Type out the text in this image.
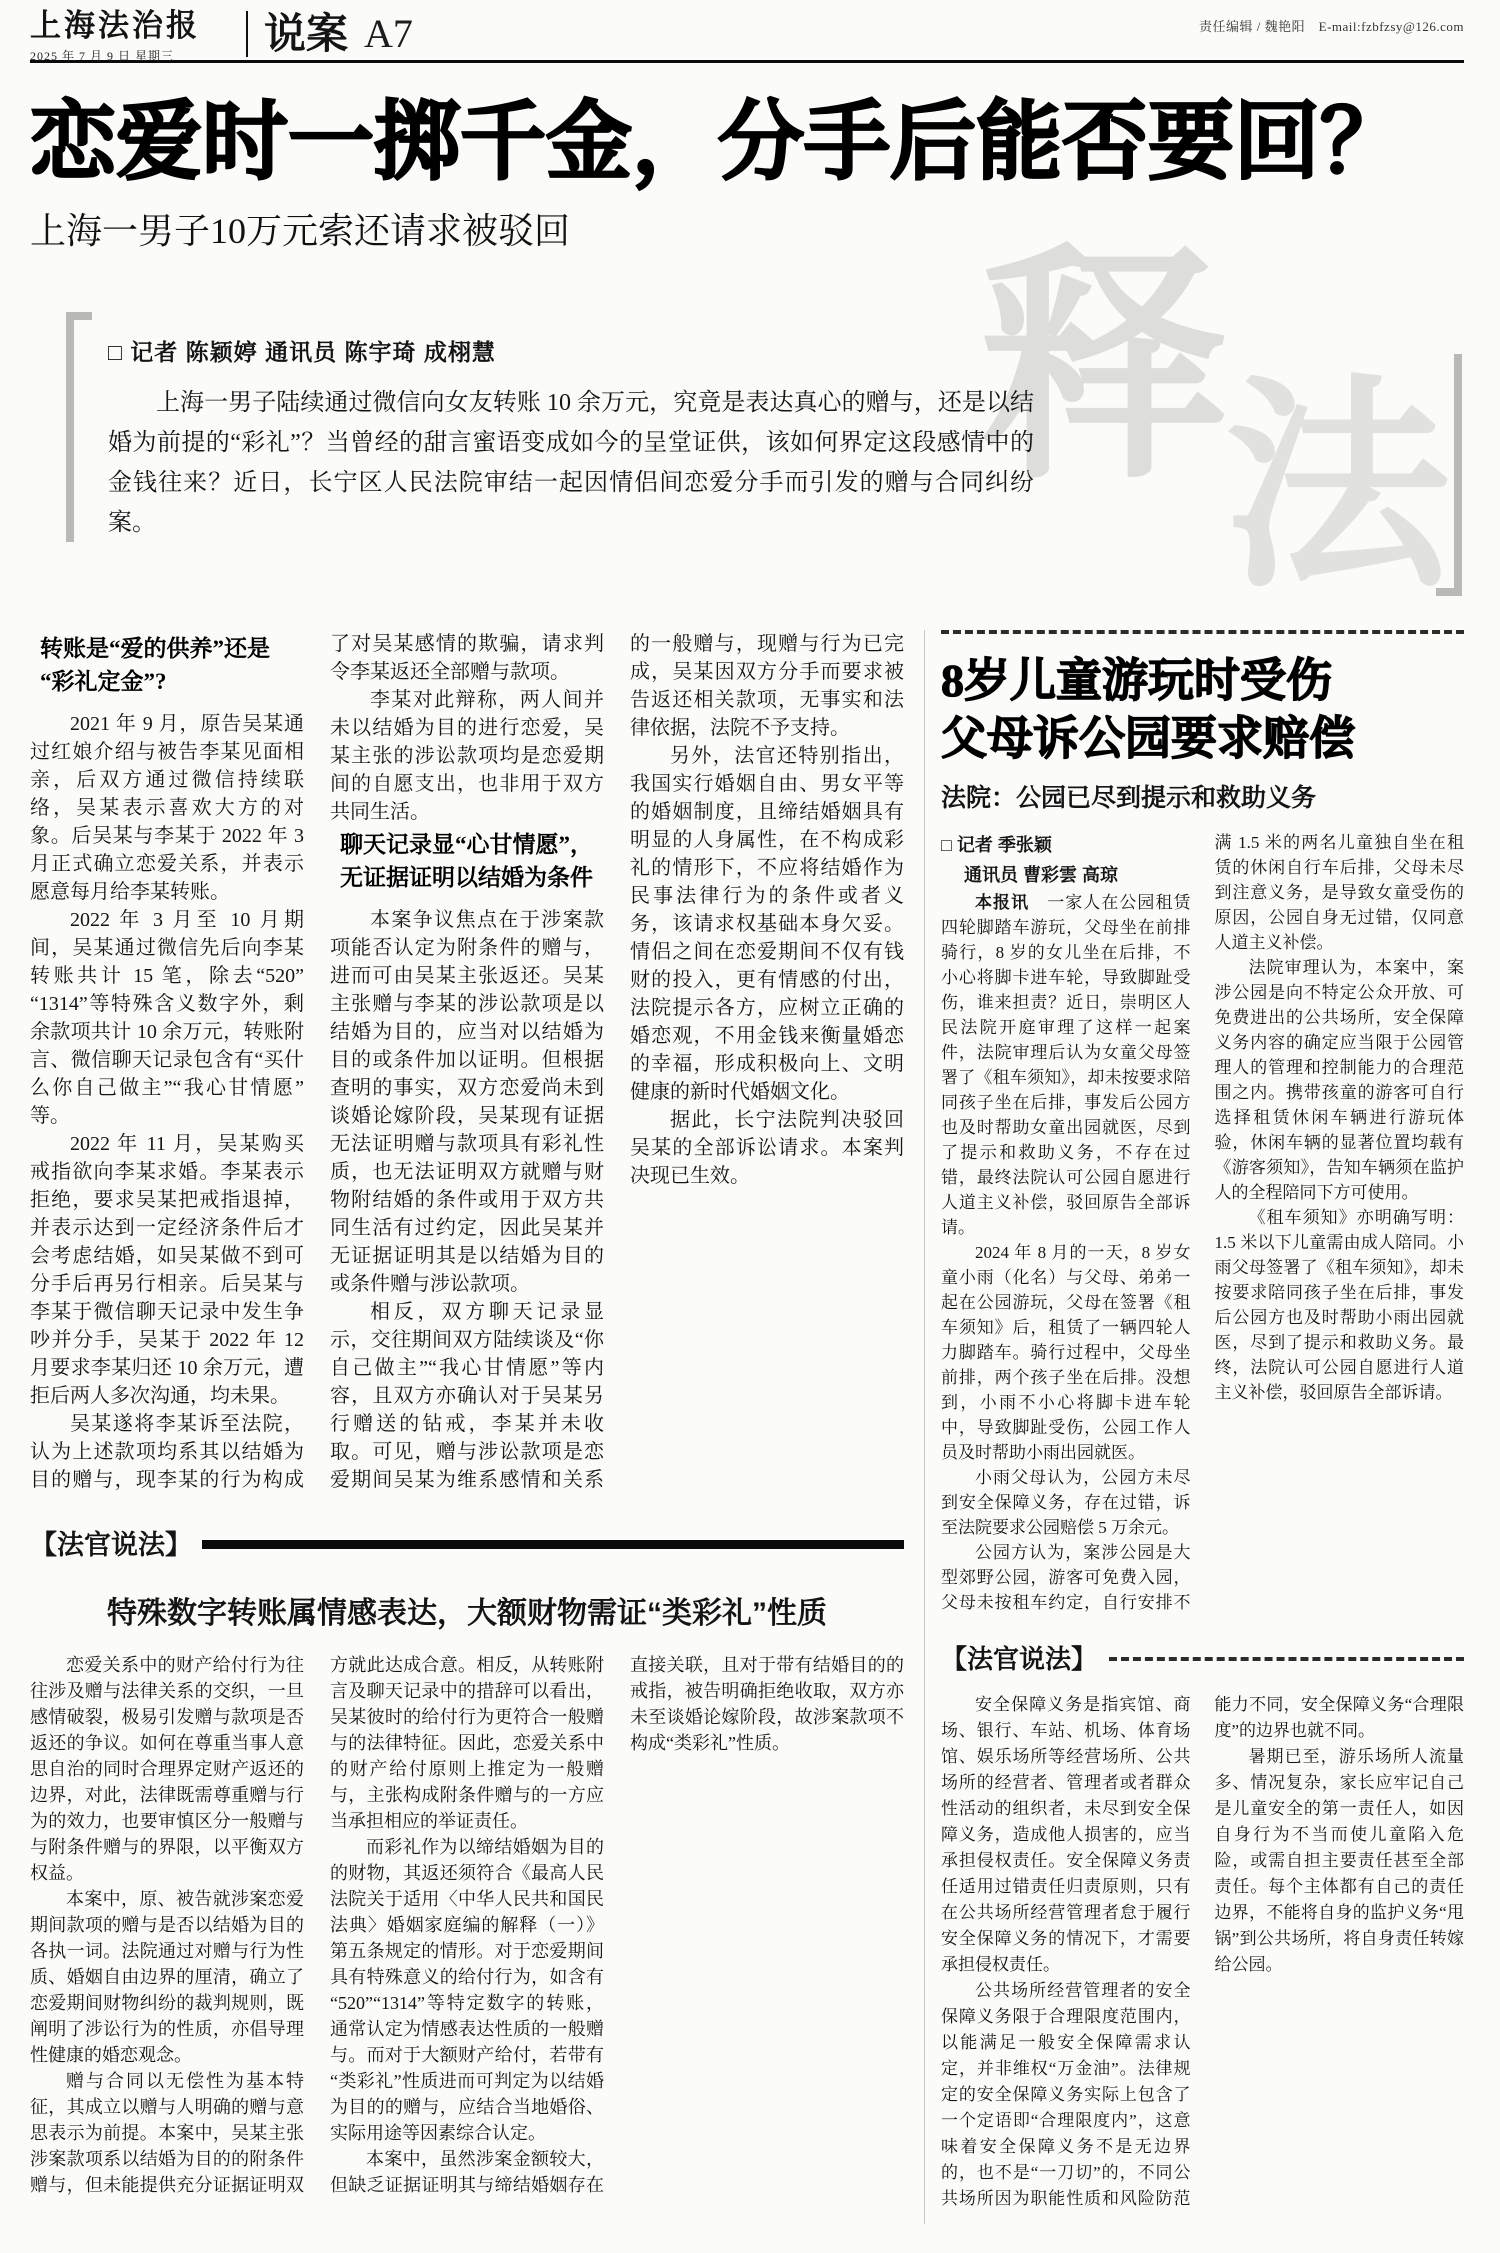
上海法治报
2025 年 7 月 9 日 星期三	说案 A7	责任编辑 / 魏艳阳　E-mail:fzbfzsy@126.com
恋爱时一掷千金，分手后能否要回？
上海一男子10万元索还请求被驳回
释
法
□ 记者 陈颖婷 通讯员 陈宇琦 成栩慧

上海一男子陆续通过微信向女友转账 10 余万元，究竟是表达真心的赠与，还是以结婚为前提的“彩礼”？当曾经的甜言蜜语变成如今的呈堂证供，该如何界定这段感情中的金钱往来？近日，长宁区人民法院审结一起因情侣间恋爱分手而引发的赠与合同纠纷案。

转账是“爱的供养”还是“彩礼定金”?

2021 年 9 月，原告吴某通过红娘介绍与被告李某见面相亲，后双方通过微信持续联络，吴某表示喜欢大方的对象。后吴某与李某于 2022 年 3 月正式确立恋爱关系，并表示愿意每月给李某转账。

2022 年 3 月至 10 月期间，吴某通过微信先后向李某转账共计 15 笔，除去“520”“1314”等特殊含义数字外，剩余款项共计 10 余万元，转账附言、微信聊天记录包含有“买什么你自己做主”“我心甘情愿”等。

2022 年 11 月，吴某购买戒指欲向李某求婚。李某表示拒绝，要求吴某把戒指退掉，并表示达到一定经济条件后才会考虑结婚，如吴某做不到可分手后再另行相亲。后吴某与李某于微信聊天记录中发生争吵并分手，吴某于 2022 年 12 月要求李某归还 10 余万元，遭拒后两人多次沟通，均未果。

吴某遂将李某诉至法院，认为上述款项均系其以结婚为目的赠与，现李某的行为构成了对吴某感情的欺骗，请求判令李某返还全部赠与款项。

李某对此辩称，两人间并未以结婚为目的进行恋爱，吴某主张的涉讼款项均是恋爱期间的自愿支出，也非用于双方共同生活。

聊天记录显“心甘情愿”，无证据证明以结婚为条件

本案争议焦点在于涉案款项能否认定为附条件的赠与，进而可由吴某主张返还。吴某主张赠与李某的涉讼款项是以结婚为目的，应当对以结婚为目的或条件加以证明。但根据查明的事实，双方恋爱尚未到谈婚论嫁阶段，吴某现有证据无法证明赠与款项具有彩礼性质，也无法证明双方就赠与财物附结婚的条件或用于双方共同生活有过约定，因此吴某并无证据证明其是以结婚为目的或条件赠与涉讼款项。

相反，双方聊天记录显示，交往期间双方陆续谈及“你自己做主”“我心甘情愿”等内容，且双方亦确认对于吴某另行赠送的钻戒，李某并未收取。可见，赠与涉讼款项是恋爱期间吴某为维系感情和关系的一般赠与，现赠与行为已完成，吴某因双方分手而要求被告返还相关款项，无事实和法律依据，法院不予支持。

另外，法官还特别指出，我国实行婚姻自由、男女平等的婚姻制度，且缔结婚姻具有明显的人身属性，在不构成彩礼的情形下，不应将结婚作为民事法律行为的条件或者义务，该请求权基础本身欠妥。情侣之间在恋爱期间不仅有钱财的投入，更有情感的付出，法院提示各方，应树立正确的婚恋观，不用金钱来衡量婚恋的幸福，形成积极向上、文明健康的新时代婚姻文化。

据此，长宁法院判决驳回吴某的全部诉讼请求。本案判决现已生效。

【法官说法】
特殊数字转账属情感表达，大额财物需证“类彩礼”性质

恋爱关系中的财产给付行为往往涉及赠与法律关系的交织，一旦感情破裂，极易引发赠与款项是否返还的争议。如何在尊重当事人意思自治的同时合理界定财产返还的边界，对此，法律既需尊重赠与行为的效力，也要审慎区分一般赠与与附条件赠与的界限，以平衡双方权益。

本案中，原、被告就涉案恋爱期间款项的赠与是否以结婚为目的各执一词。法院通过对赠与行为性质、婚姻自由边界的厘清，确立了恋爱期间财物纠纷的裁判规则，既阐明了涉讼行为的性质，亦倡导理性健康的婚恋观念。

赠与合同以无偿性为基本特征，其成立以赠与人明确的赠与意思表示为前提。本案中，吴某主张涉案款项系以结婚为目的的附条件赠与，但未能提供充分证据证明双方就此达成合意。相反，从转账附言及聊天记录中的措辞可以看出，吴某彼时的给付行为更符合一般赠与的法律特征。因此，恋爱关系中的财产给付原则上推定为一般赠与，主张构成附条件赠与的一方应当承担相应的举证责任。

而彩礼作为以缔结婚姻为目的的财物，其返还须符合《最高人民法院关于适用〈中华人民共和国民法典〉婚姻家庭编的解释（一）》第五条规定的情形。对于恋爱期间具有特殊意义的给付行为，如含有“520”“1314”等特定数字的转账，通常认定为情感表达性质的一般赠与。而对于大额财产给付，若带有“类彩礼”性质进而可判定为以结婚为目的的赠与，应结合当地婚俗、实际用途等因素综合认定。

本案中，虽然涉案金额较大，但缺乏证据证明其与缔结婚姻存在直接关联，且对于带有结婚目的的戒指，被告明确拒绝收取，双方亦未至谈婚论嫁阶段，故涉案款项不构成“类彩礼”性质。

8岁儿童游玩时受伤
父母诉公园要求赔偿
法院：公园已尽到提示和救助义务
□ 记者 季张颖
　 通讯员 曹彩雲 高琼

本报讯　一家人在公园租赁四轮脚踏车游玩，父母坐在前排骑行，8 岁的女儿坐在后排，不小心将脚卡进车轮，导致脚趾受伤，谁来担责？近日，崇明区人民法院开庭审理了这样一起案件，法院审理后认为女童父母签署了《租车须知》，却未按要求陪同孩子坐在后排，事发后公园方也及时帮助女童出园就医，尽到了提示和救助义务，不存在过错，最终法院认可公园自愿进行人道主义补偿，驳回原告全部诉请。

2024 年 8 月的一天，8 岁女童小雨（化名）与父母、弟弟一起在公园游玩，父母在签署《租车须知》后，租赁了一辆四轮人力脚踏车。骑行过程中，父母坐前排，两个孩子坐在后排。没想到，小雨不小心将脚卡进车轮中，导致脚趾受伤，公园工作人员及时帮助小雨出园就医。

小雨父母认为，公园方未尽到安全保障义务，存在过错，诉至法院要求公园赔偿 5 万余元。

公园方认为，案涉公园是大型郊野公园，游客可免费入园，父母未按租车约定，自行安排不满 1.5 米的两名儿童独自坐在租赁的休闲自行车后排，父母未尽到注意义务，是导致女童受伤的原因，公园自身无过错，仅同意人道主义补偿。

法院审理认为，本案中，案涉公园是向不特定公众开放、可免费进出的公共场所，安全保障义务内容的确定应当限于公园管理人的管理和控制能力的合理范围之内。携带孩童的游客可自行选择租赁休闲车辆进行游玩体验，休闲车辆的显著位置均载有《游客须知》，告知车辆须在监护人的全程陪同下方可使用。

《租车须知》亦明确写明：1.5 米以下儿童需由成人陪同。小雨父母签署了《租车须知》，却未按要求陪同孩子坐在后排，事发后公园方也及时帮助小雨出园就医，尽到了提示和救助义务。最终，法院认可公园自愿进行人道主义补偿，驳回原告全部诉请。

【法官说法】

安全保障义务是指宾馆、商场、银行、车站、机场、体育场馆、娱乐场所等经营场所、公共场所的经营者、管理者或者群众性活动的组织者，未尽到安全保障义务，造成他人损害的，应当承担侵权责任。安全保障义务责任适用过错责任归责原则，只有在公共场所经营管理者怠于履行安全保障义务的情况下，才需要承担侵权责任。

公共场所经营管理者的安全保障义务限于合理限度范围内，以能满足一般安全保障需求认定，并非维权“万金油”。法律规定的安全保障义务实际上包含了一个定语即“合理限度内”，这意味着安全保障义务不是无边界的，也不是“一刀切”的，不同公共场所因为职能性质和风险防范能力不同，安全保障义务“合理限度”的边界也就不同。

暑期已至，游乐场所人流量多、情况复杂，家长应牢记自己是儿童安全的第一责任人，如因自身行为不当而使儿童陷入危险，或需自担主要责任甚至全部责任。每个主体都有自己的责任边界，不能将自身的监护义务“甩锅”到公共场所，将自身责任转嫁给公园。
